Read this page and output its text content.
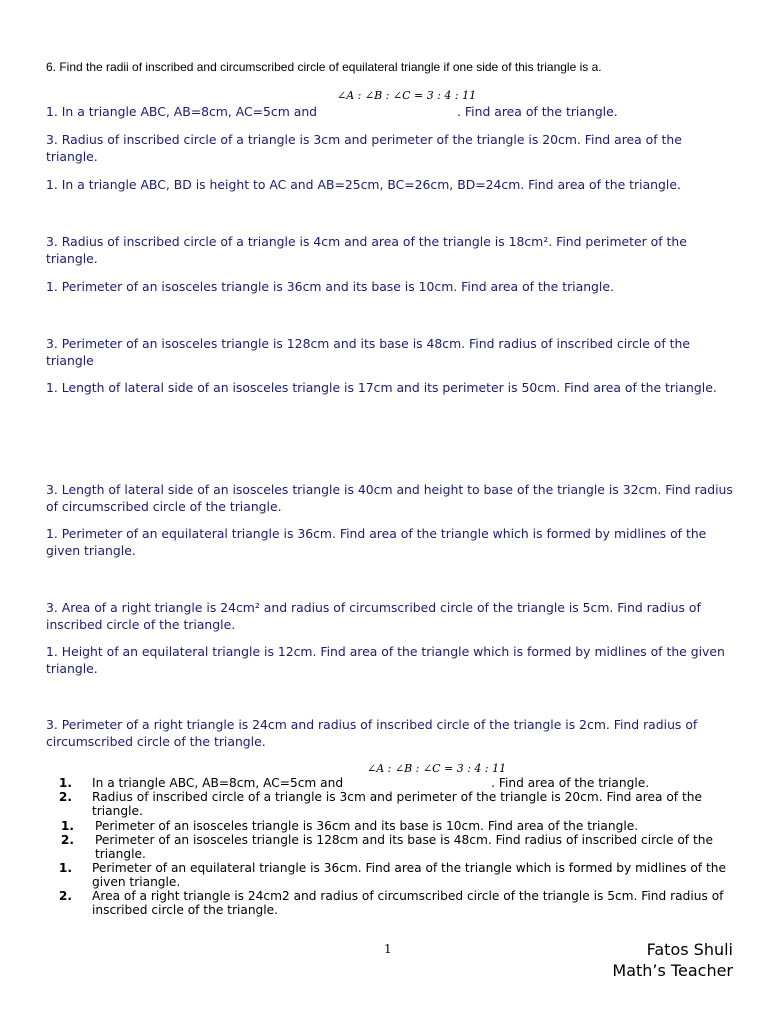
6. Find the radii of inscribed and circumscribed circle of equilateral triangle if one side of this triangle is a.
∠A : ∠B : ∠C = 3 : 4 : 11
1. In a triangle ABC, AB=8cm, AC=5cm and	. Find area of the triangle.
3. Radius of inscribed circle of a triangle is 3cm and perimeter of the triangle is 20cm. Find area of the triangle.
1. In a triangle ABC, BD is height to AC and AB=25cm, BC=26cm, BD=24cm. Find area of the triangle.
3. Radius of inscribed circle of a triangle is 4cm and area of the triangle is 18cm². Find perimeter of the triangle.
1. Perimeter of an isosceles triangle is 36cm and its base is 10cm. Find area of the triangle.
3. Perimeter of an isosceles triangle is 128cm and its base is 48cm. Find radius of inscribed circle of the triangle
1. Length of lateral side of an isosceles triangle is 17cm and its perimeter is 50cm. Find area of the triangle.
3. Length of lateral side of an isosceles triangle is 40cm and height to base of the triangle is 32cm. Find radius of circumscribed circle of the triangle.
1. Perimeter of an equilateral triangle is 36cm. Find area of the triangle which is formed by midlines of the given triangle.
3. Area of a right triangle is 24cm² and radius of circumscribed circle of the triangle is 5cm. Find radius of inscribed circle of the triangle.
1. Height of an equilateral triangle is 12cm. Find area of the triangle which is formed by midlines of the given triangle.
3. Perimeter of a right triangle is 24cm and radius of inscribed circle of the triangle is 2cm. Find radius of circumscribed circle of the triangle.
∠A : ∠B : ∠C = 3 : 4 : 11
1. In a triangle ABC, AB=8cm, AC=5cm and	. Find area of the triangle.
2. Radius of inscribed circle of a triangle is 3cm and perimeter of the triangle is 20cm. Find area of the triangle.
1. Perimeter of an isosceles triangle is 36cm and its base is 10cm. Find area of the triangle.
2. Perimeter of an isosceles triangle is 128cm and its base is 48cm. Find radius of inscribed circle of the triangle.
1. Perimeter of an equilateral triangle is 36cm. Find area of the triangle which is formed by midlines of the given triangle.
2. Area of a right triangle is 24cm2 and radius of circumscribed circle of the triangle is 5cm. Find radius of inscribed circle of the triangle.
1	Fatos Shuli
Math’s Teacher
